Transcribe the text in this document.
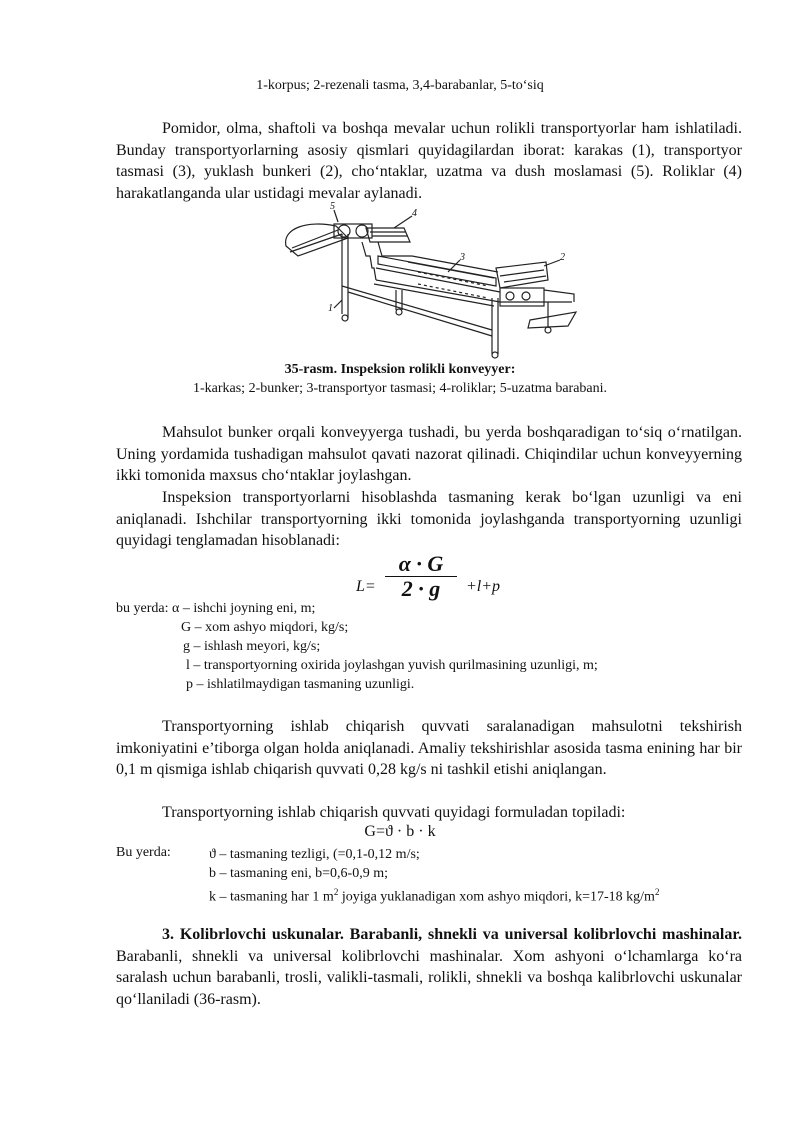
1-korpus; 2-rezenali tasma, 3,4-barabanlar, 5-to‘siq

Pomidor, olma, shaftoli va boshqa mevalar uchun rolikli transportyorlar ham ishlatiladi. Bunday transportyorlarning asosiy qismlari quyidagilardan iborat: karakas (1), transportyor tasmasi (3), yuklash bunkeri (2), cho‘ntaklar, uzatma va dush moslamasi (5). Roliklar (4) harakatlanganda ular ustidagi mevalar aylanadi.

5
4
3	2
1
35-rasm. Inspeksion rolikli konveyyer:
1-karkas; 2-bunker; 3-transportyor tasmasi; 4-roliklar; 5-uzatma barabani.

Mahsulot bunker orqali konveyyerga tushadi, bu yerda boshqaradigan to‘siq o‘rnatilgan. Uning yordamida tushadigan mahsulot qavati nazorat qilinadi. Chiqindilar uchun konveyyerning ikki tomonida maxsus cho‘ntaklar joylashgan.

Inspeksion transportyorlarni hisoblashda tasmaning kerak bo‘lgan uzunligi va eni aniqlanadi. Ishchilar transportyorning ikki tomonida joylashganda transportyorning uzunligi quyidagi tenglamadan hisoblanadi:

L=
α · G
2 · g	+l+p
bu yerda: α – ishchi joyning eni, m;
G – xom ashyo miqdori, kg/s;
g – ishlash meyori, kg/s;
l – transportyorning oxirida joylashgan yuvish qurilmasining uzunligi, m;
p – ishlatilmaydigan tasmaning uzunligi.

Transportyorning ishlab chiqarish quvvati saralanadigan mahsulotni tekshirish imkoniyatini e’tiborga olgan holda aniqlanadi. Amaliy tekshirishlar asosida tasma enining har bir 0,1 m qismiga ishlab chiqarish quvvati 0,28 kg/s ni tashkil etishi aniqlangan.

Transportyorning ishlab chiqarish quvvati quyidagi formuladan topiladi:

G=ϑ · b · k
Bu yerda:	ϑ – tasmaning tezligi, (=0,1-0,12 m/s;
b – tasmaning eni, b=0,6-0,9 m;
k – tasmaning har 1 $m^2$ joyiga yuklanadigan xom ashyo miqdori, k=17-18 $kg/m^2$

3. Kolibrlovchi uskunalar. Barabanli, shnekli va universal kolibrlovchi mashinalar. Barabanli, shnekli va universal kolibrlovchi mashinalar. Xom ashyoni o‘lchamlarga ko‘ra saralash uchun barabanli, trosli, valikli-tasmali, rolikli, shnekli va boshqa kalibrlovchi uskunalar qo‘llaniladi (36-rasm).
